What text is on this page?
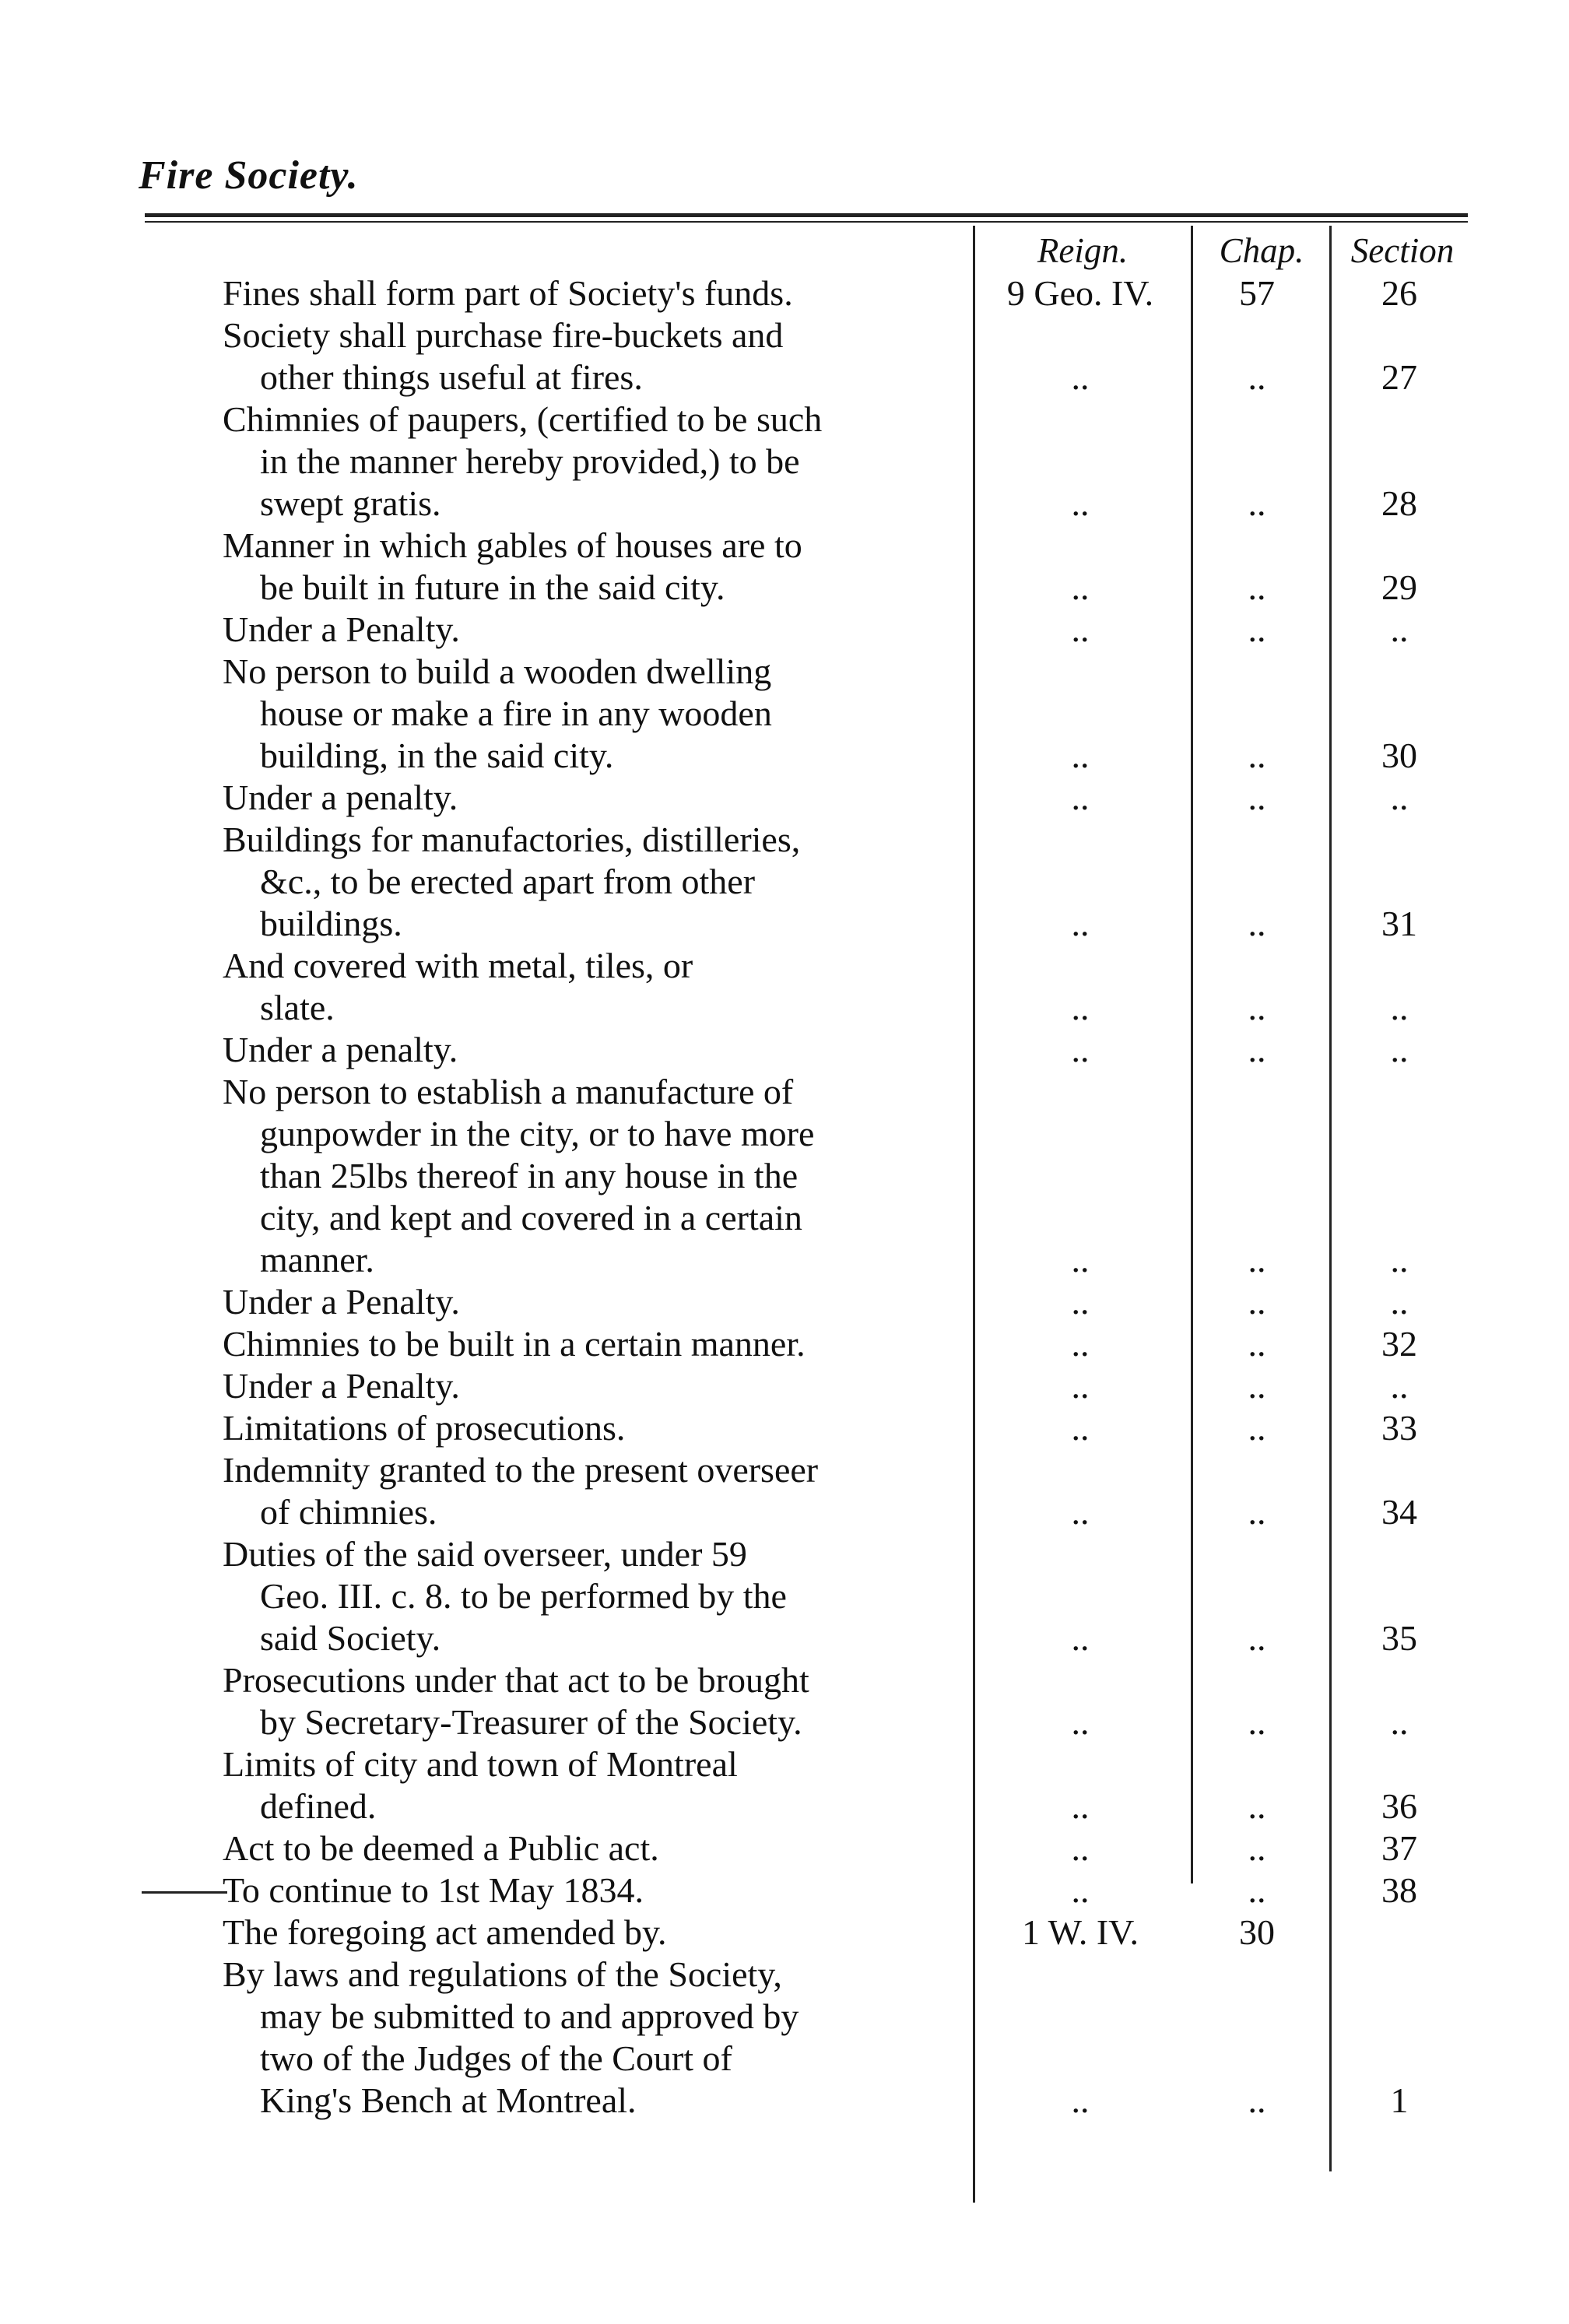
Fire Society.
Reign.	Chap.	Section
Fines shall form part of Society's funds.	9 Geo. IV.	57	26
Society shall purchase fire-buckets and
other things useful at fires.	..	..	27
Chimnies of paupers, (certified to be such
in the manner hereby provided,) to be
swept gratis.	..	..	28
Manner in which gables of houses are to
be built in future in the said city.	..	..	29
Under a Penalty.	..	..	..
No person to build a wooden dwelling
house or make a fire in any wooden
building, in the said city.	..	..	30
Under a penalty.	..	..	..
Buildings for manufactories, distilleries,
&c., to be erected apart from other
buildings.	..	..	31
And covered with metal, tiles, or
slate.	..	..	..
Under a penalty.	..	..	..
No person to establish a manufacture of
gunpowder in the city, or to have more
than 25lbs thereof in any house in the
city, and kept and covered in a certain
manner.	..	..	..
Under a Penalty.	..	..	..
Chimnies to be built in a certain manner.	..	..	32
Under a Penalty.	..	..	..
Limitations of prosecutions.	..	..	33
Indemnity granted to the present overseer
of chimnies.	..	..	34
Duties of the said overseer, under 59
Geo. III. c. 8. to be performed by the
said Society.	..	..	35
Prosecutions under that act to be brought
by Secretary-Treasurer of the Society.	..	..	..
Limits of city and town of Montreal
defined.	..	..	36
Act to be deemed a Public act.	..	..	37
To continue to 1st May 1834.	..	..	38
The foregoing act amended by.	1 W. IV.	30
By laws and regulations of the Society,
may be submitted to and approved by
two of the Judges of the Court of
King's Bench at Montreal.	..	..	1
